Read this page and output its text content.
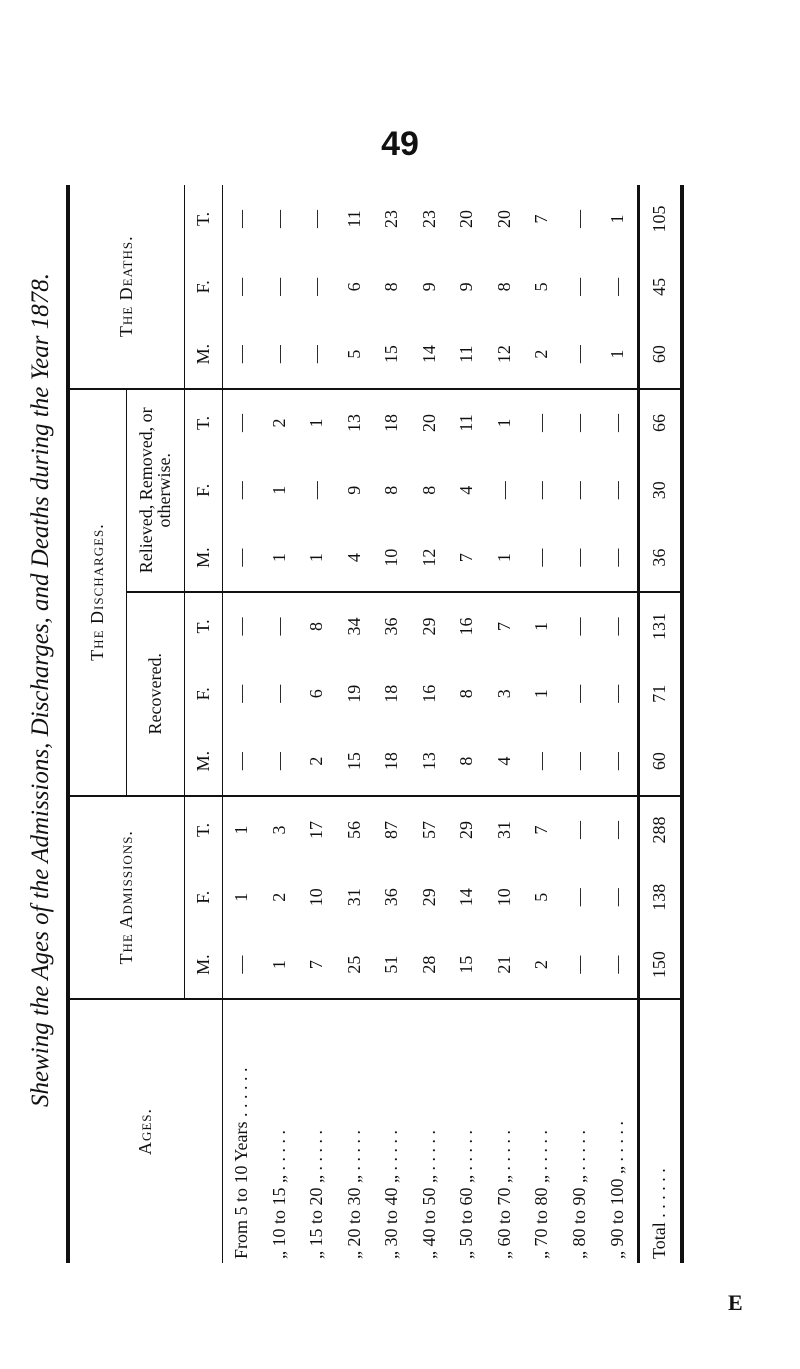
49
Shewing the Ages of the Admissions, Discharges, and Deaths during the Year 1878.
Ages.	The Admissions.			The Discharges.						The Deaths.		
				Recovered.			Relieved, Removed, or otherwise.					
	M.	F.	T.	M.	F.	T.	M.	F.	T.	M.	F.	T.
From 5 to 10 Years . . . . . .	—	1	1	—	—	—	—	—	—	—	—	—
„ 10 to 15 „ . . . . .	1	2	3	—	—	—	1	1	2	—	—	—
„ 15 to 20 „ . . . . .	7	10	17	2	6	8	1	—	1	—	—	—
„ 20 to 30 „ . . . . .	25	31	56	15	19	34	4	9	13	5	6	11
„ 30 to 40 „ . . . . .	51	36	87	18	18	36	10	8	18	15	8	23
„ 40 to 50 „ . . . . .	28	29	57	13	16	29	12	8	20	14	9	23
„ 50 to 60 „ . . . . .	15	14	29	8	8	16	7	4	11	11	9	20
„ 60 to 70 „ . . . . .	21	10	31	4	3	7	1	—	1	12	8	20
„ 70 to 80 „ . . . . .	2	5	7	—	1	1	—	—	—	2	5	7
„ 80 to 90 „ . . . . .	—	—	—	—	—	—	—	—	—	—	—	—
„ 90 to 100 „ . . . . .	—	—	—	—	—	—	—	—	—	1	—	1
Total . . . . . .	150	138	288	60	71	131	36	30	66	60	45	105
E
